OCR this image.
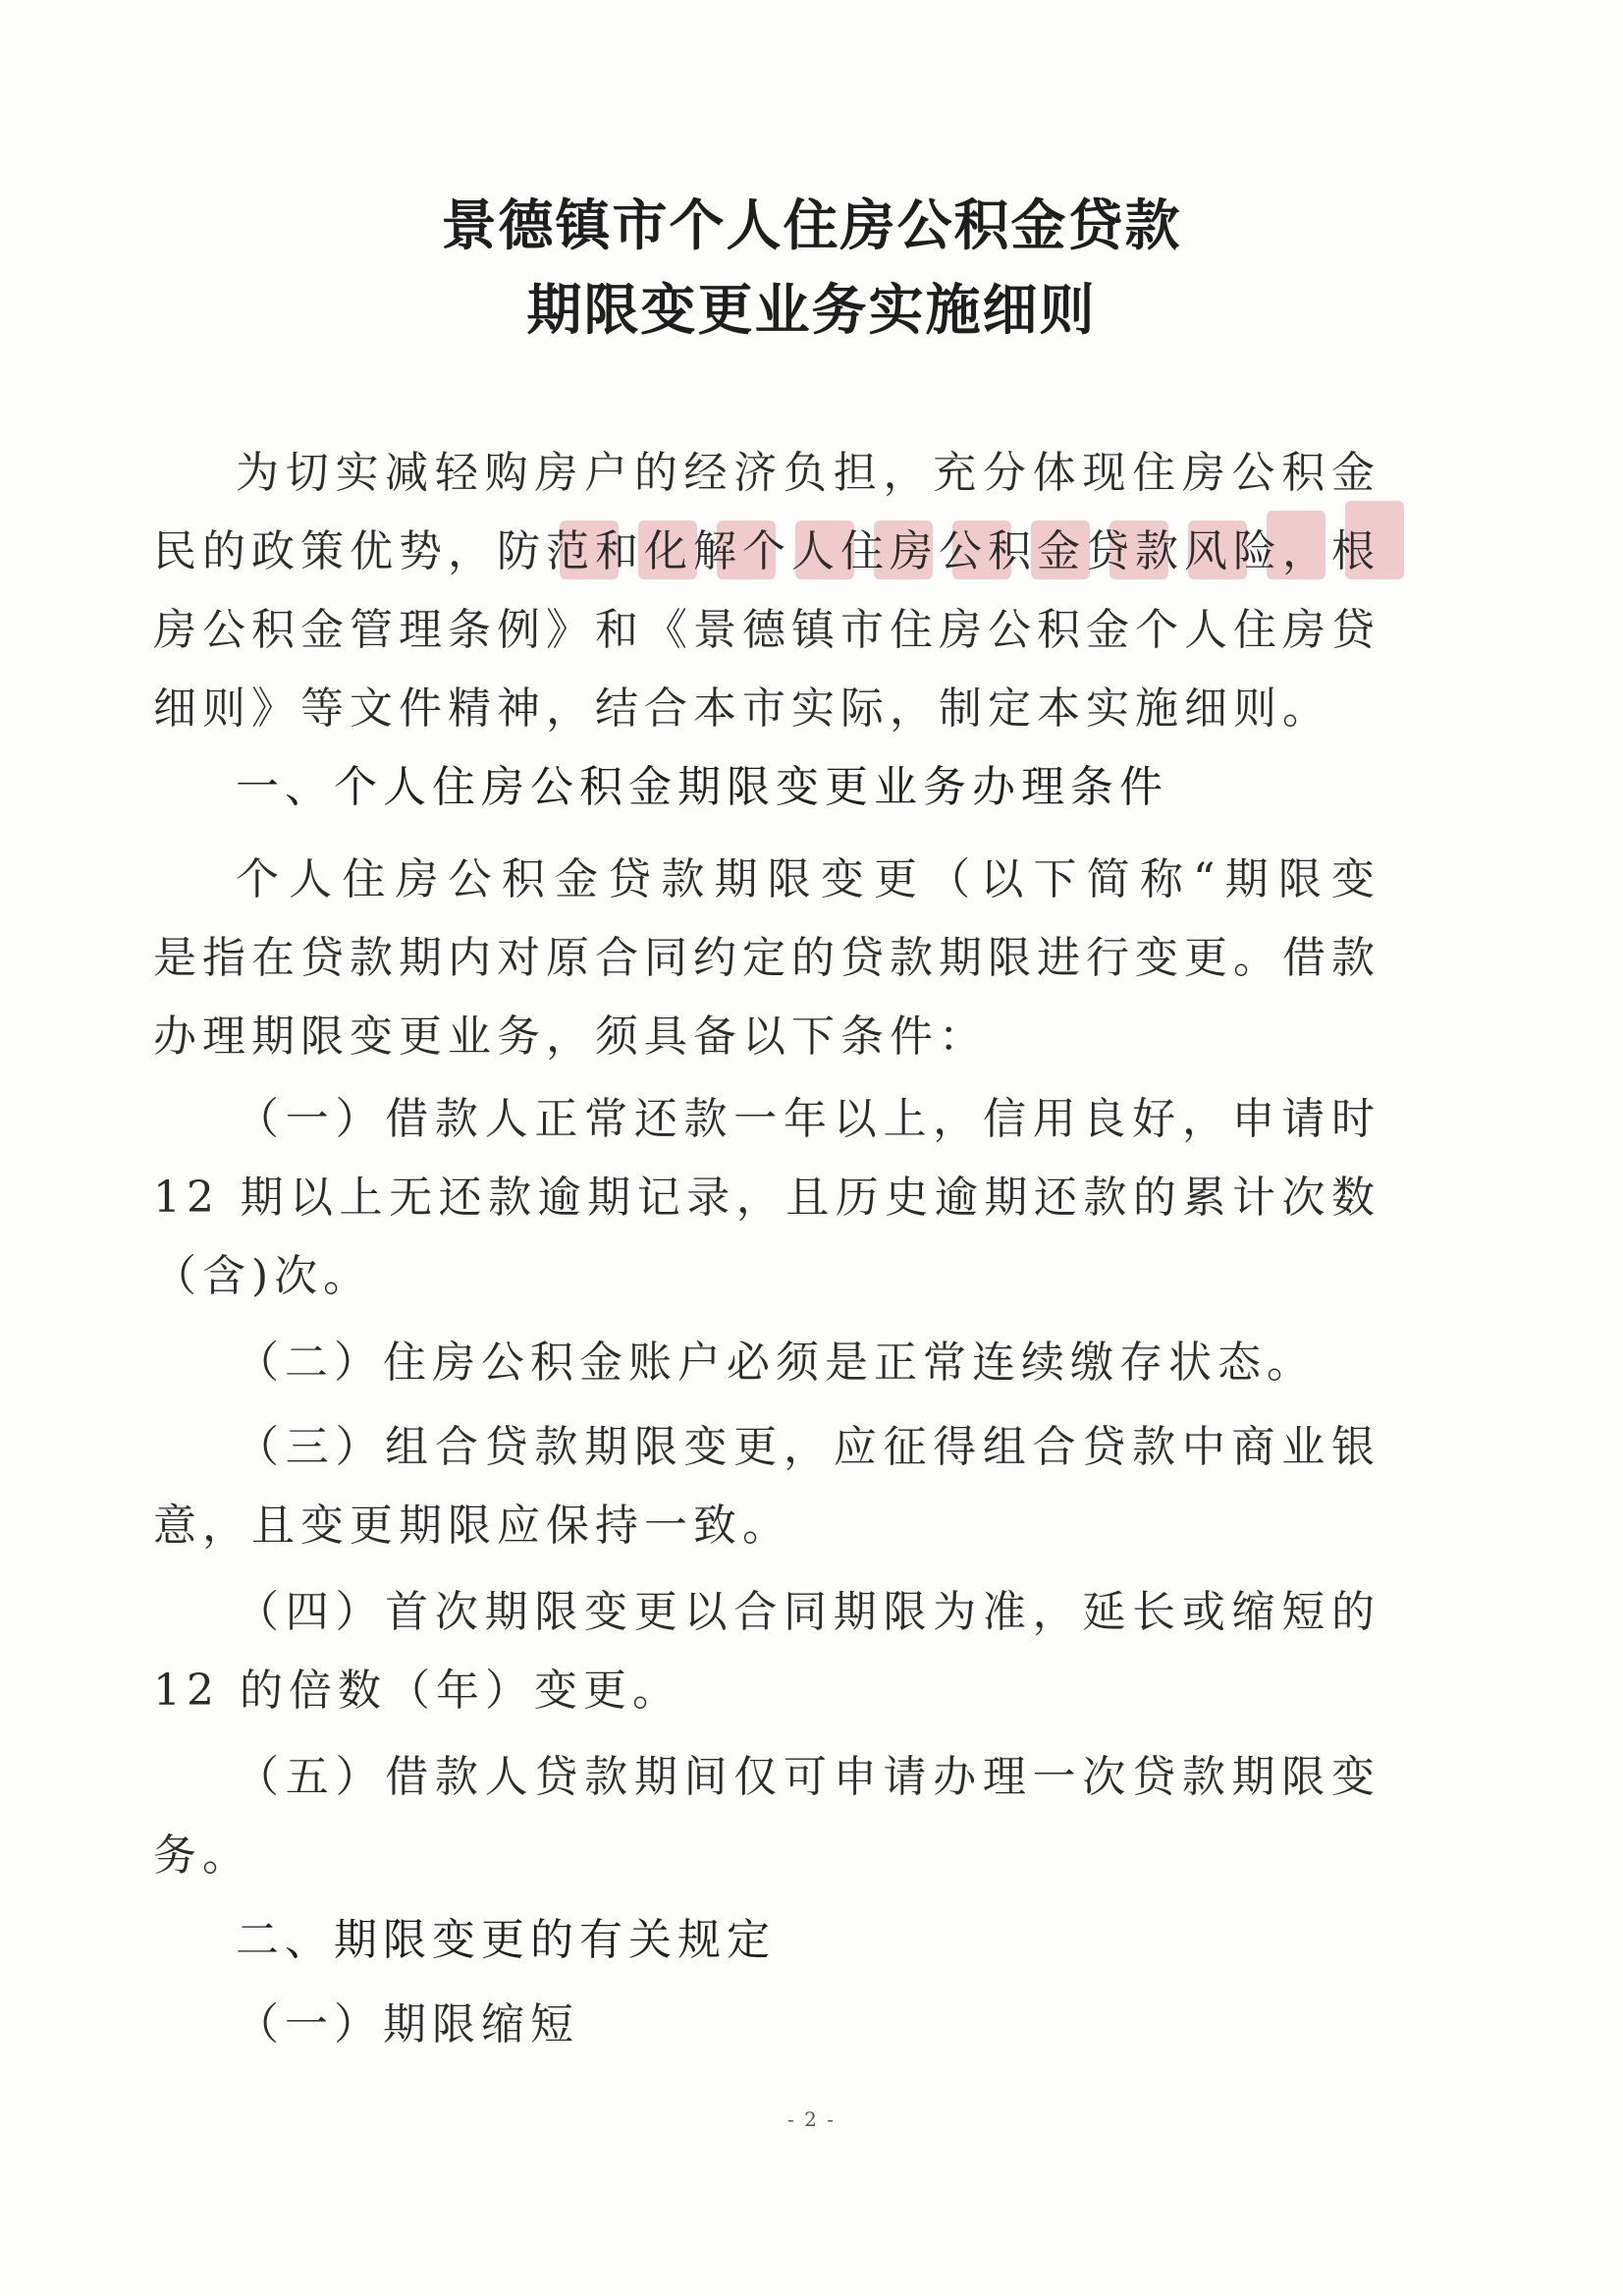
景德镇市个人住房公积金贷款
期限变更业务实施细则
为切实减轻购房户的经济负担，充分体现住房公积金
民的政策优势，防范和化解个人住房公积金贷款风险，根
房公积金管理条例》和《景德镇市住房公积金个人住房贷
细则》等文件精神，结合本市实际，制定本实施细则。
一、个人住房公积金期限变更业务办理条件
个人住房公积金贷款期限变更（以下简称“期限变
是指在贷款期内对原合同约定的贷款期限进行变更。借款
办理期限变更业务，须具备以下条件：
（一）借款人正常还款一年以上，信用良好，申请时
12 期以上无还款逾期记录，且历史逾期还款的累计次数
（含)次。
（二）住房公积金账户必须是正常连续缴存状态。
（三）组合贷款期限变更，应征得组合贷款中商业银
意，且变更期限应保持一致。
（四）首次期限变更以合同期限为准，延长或缩短的
12 的倍数（年）变更。
（五）借款人贷款期间仅可申请办理一次贷款期限变
务。
二、期限变更的有关规定
（一）期限缩短
- 2 -
